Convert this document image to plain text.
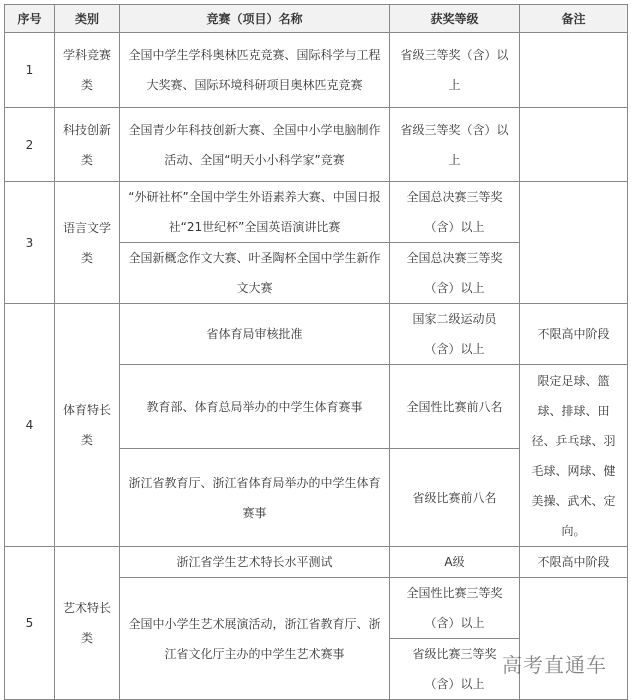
序号	类别	竞赛（项目）名称	获奖等级	备注
1	学科竞赛类	全国中学生学科奥林匹克竞赛、国际科学与工程大奖赛、国际环境科研项目奥林匹克竞赛	省级三等奖（含）以上	
2	科技创新类	全国青少年科技创新大赛、全国中小学电脑制作活动、全国“明天小小科学家”竞赛	省级三等奖（含）以上	
3	语言文学类	“外研社杯”全国中学生外语素养大赛、中国日报社“21世纪杯”全国英语演讲比赛	全国总决赛三等奖（含）以上	
		全国新概念作文大赛、叶圣陶杯全国中学生新作文大赛	全国总决赛三等奖（含）以上	
4	体育特长类	省体育局审核批准	国家二级运动员（含）以上	不限高中阶段
		教育部、体育总局举办的中学生体育赛事	全国性比赛前八名	限定足球、篮球、排球、田径、乒乓球、羽毛球、网球、健美操、武术、定向。
		浙江省教育厅、浙江省体育局举办的中学生体育赛事	省级比赛前八名	
5	艺术特长类	浙江省学生艺术特长水平测试	A级	不限高中阶段
		全国中小学生艺术展演活动，浙江省教育厅、浙江省文化厅主办的中学生艺术赛事	全国性比赛三等奖（含）以上	
			省级比赛三等奖（含）以上	
高考直通车
